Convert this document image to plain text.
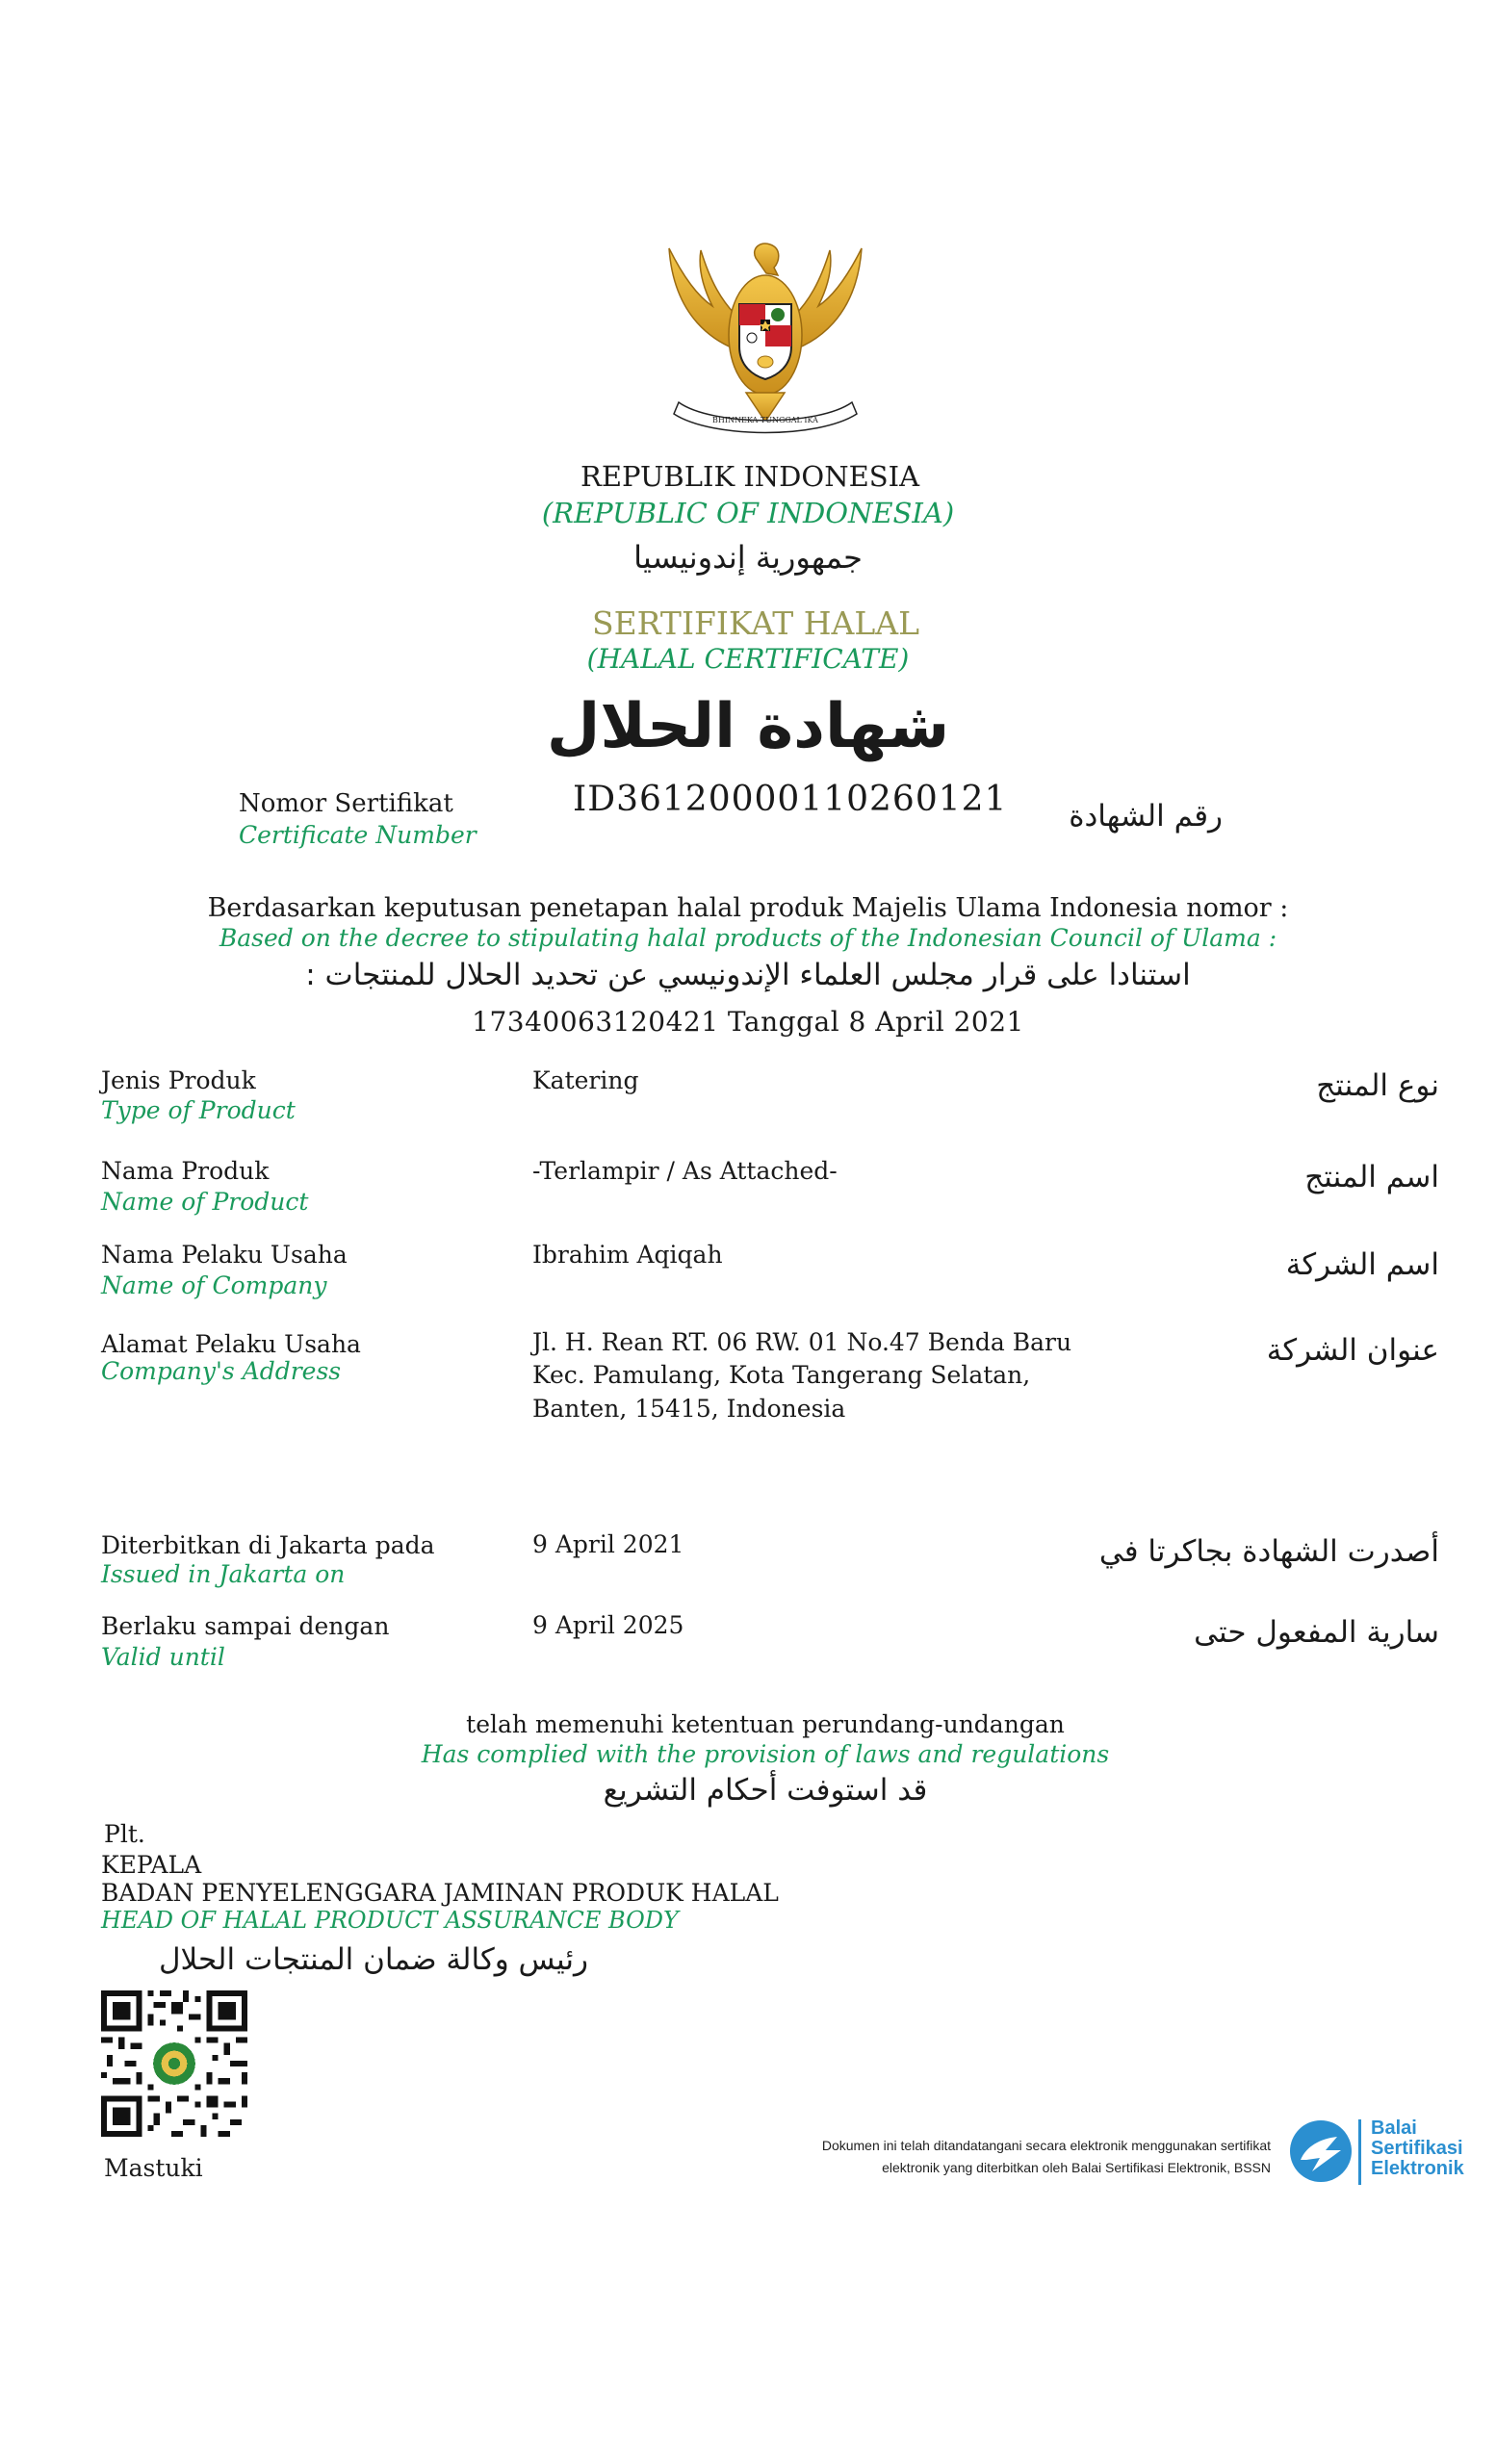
BHINNEKA TUNGGAL IKA
REPUBLIK INDONESIA
(REPUBLIC OF INDONESIA)
جمهورية إندونيسيا
SERTIFIKAT HALAL
(HALAL CERTIFICATE)
شهادة الحلال
Nomor Sertifikat
Certificate Number
ID36120000110260121	رقم الشهادة
Berdasarkan keputusan penetapan halal produk Majelis Ulama Indonesia nomor :
Based on the decree to stipulating halal products of the Indonesian Council of Ulama :
استنادا على قرار مجلس العلماء الإندونيسي عن تحديد الحلال للمنتجات :
17340063120421 Tanggal 8 April 2021
Jenis Produk
Type of Product
Katering	نوع المنتج
Nama Produk
Name of Product
-Terlampir / As Attached-	اسم المنتج
Nama Pelaku Usaha
Name of Company
Ibrahim Aqiqah	اسم الشركة
Alamat Pelaku Usaha
Company's Address
Jl. H. Rean RT. 06 RW. 01 No.47 Benda Baru
Kec. Pamulang, Kota Tangerang Selatan,
Banten, 15415, Indonesia
عنوان الشركة
Diterbitkan di Jakarta pada
Issued in Jakarta on
9 April 2021	أصدرت الشهادة بجاكرتا في
Berlaku sampai dengan
Valid until
9 April 2025	سارية المفعول حتى
telah memenuhi ketentuan perundang-undangan
Has complied with the provision of laws and regulations
قد استوفت أحكام التشريع
Plt.
KEPALA
BADAN PENYELENGGARA JAMINAN PRODUK HALAL
HEAD OF HALAL PRODUCT ASSURANCE BODY
رئيس وكالة ضمان المنتجات الحلال
Mastuki
Dokumen ini telah ditandatangani secara elektronik menggunakan sertifikat
elektronik yang diterbitkan oleh Balai Sertifikasi Elektronik, BSSN
Balai
Sertifikasi
Elektronik
